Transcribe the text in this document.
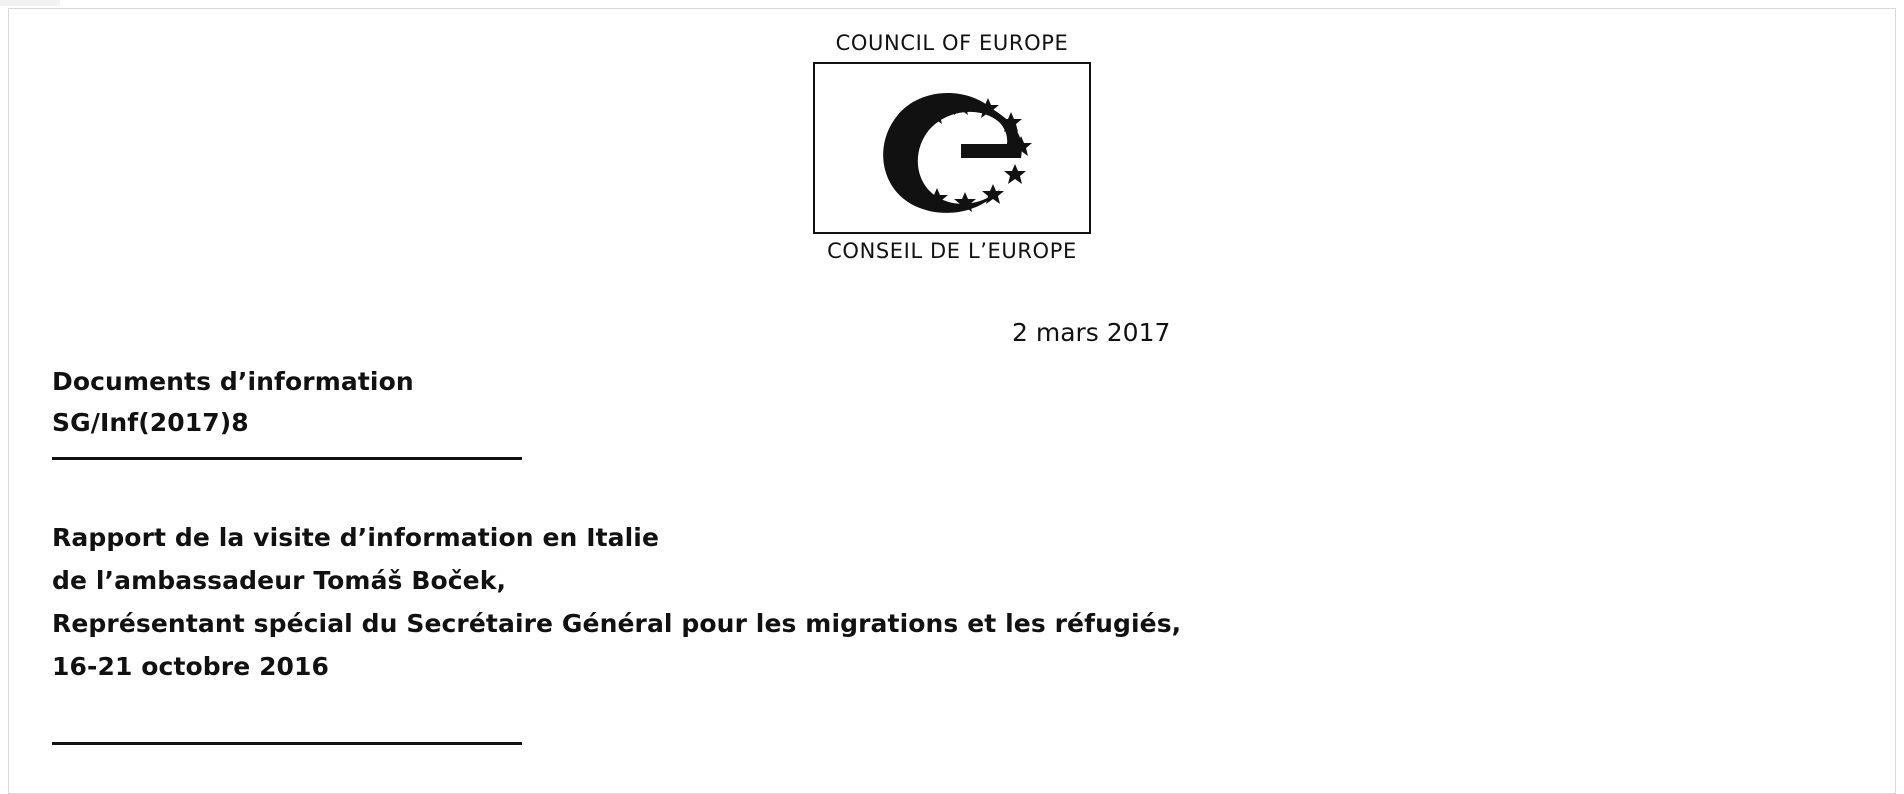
COUNCIL OF EUROPE
CONSEIL DE L’EUROPE
2 mars 2017
Documents d’information
SG/Inf(2017)8
Rapport de la visite d’information en Italie
de l’ambassadeur Tomáš Boček,
Représentant spécial du Secrétaire Général pour les migrations et les réfugiés,
16-21 octobre 2016
